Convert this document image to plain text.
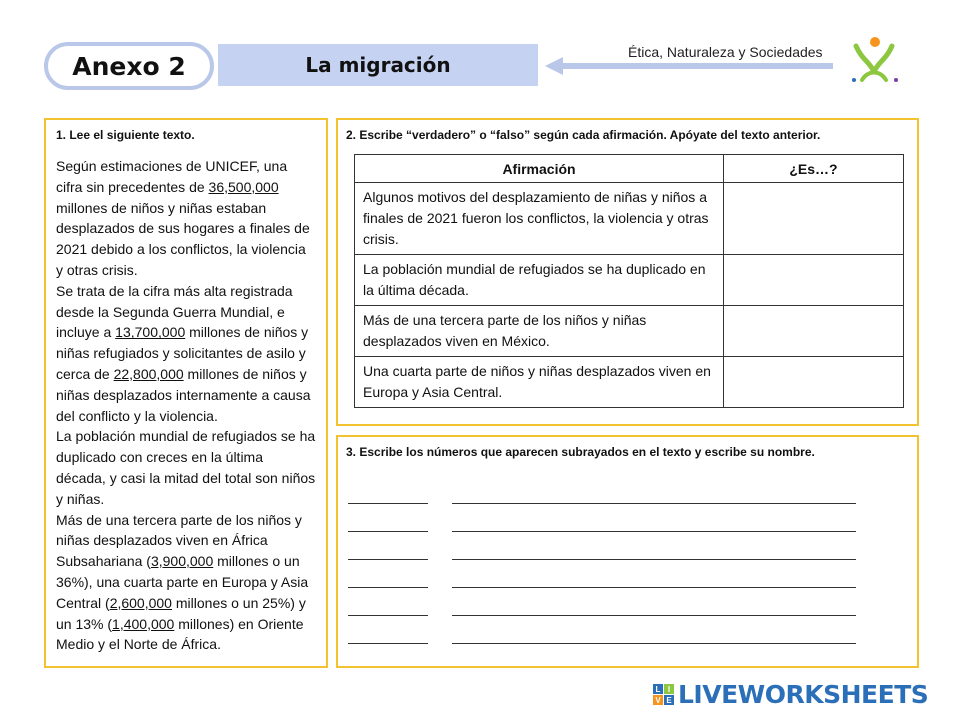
Anexo 2	La migración
Ética, Naturaleza y Sociedades
1. Lee el siguiente texto.
Según estimaciones de UNICEF, una cifra sin precedentes de 36,500,000 millones de niños y niñas estaban desplazados de sus hogares a finales de 2021 debido a los conflictos, la violencia y otras crisis.
Se trata de la cifra más alta registrada desde la Segunda Guerra Mundial, e incluye a 13,700,000 millones de niños y niñas refugiados y solicitantes de asilo y cerca de 22,800,000 millones de niños y niñas desplazados internamente a causa del conflicto y la violencia.
La población mundial de refugiados se ha duplicado con creces en la última década, y casi la mitad del total son niños y niñas.
Más de una tercera parte de los niños y niñas desplazados viven en África Subsahariana (3,900,000 millones o un 36%), una cuarta parte en Europa y Asia Central (2,600,000 millones o un 25%) y un 13% (1,400,000 millones) en Oriente Medio y el Norte de África.
2. Escribe “verdadero” o “falso” según cada afirmación. Apóyate del texto anterior.
Afirmación	¿Es…?
Algunos motivos del desplazamiento de niñas y niños a finales de 2021 fueron los conflictos, la violencia y otras crisis.	
La población mundial de refugiados se ha duplicado en la última década.	
Más de una tercera parte de los niños y niñas desplazados viven en México.	
Una cuarta parte de niños y niñas desplazados viven en Europa y Asia Central.	
3. Escribe los números que aparecen subrayados en el texto y escribe su nombre.
L I
V E LIVEWORKSHEETS
